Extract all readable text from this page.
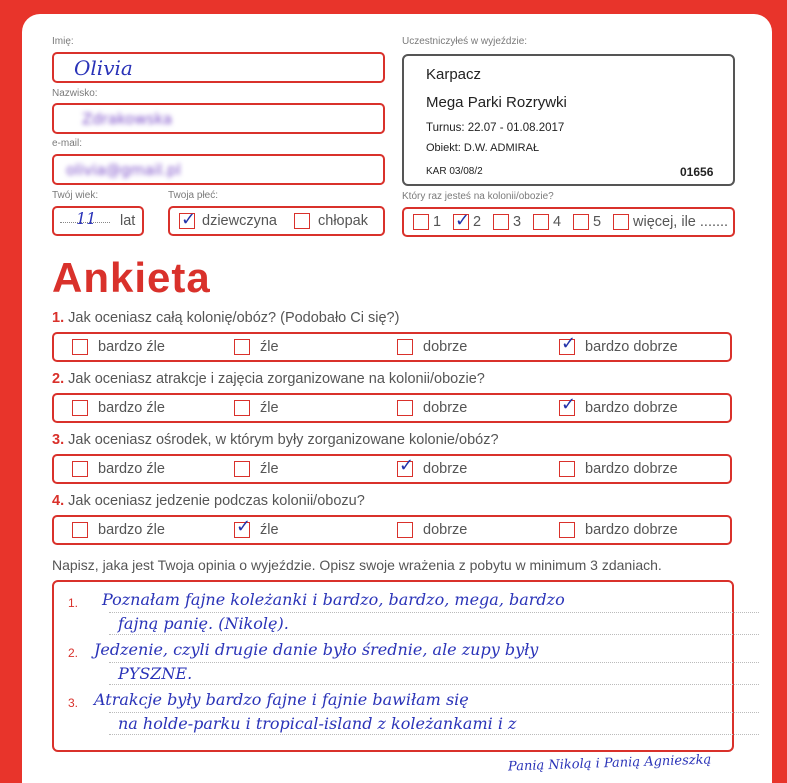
Imię:
Olivia
Nazwisko:
Zdrakowska
e-mail:
olivia@gmail.pl
Twój wiek:
11 lat
Twoja płeć:
✓ dziewczyna	chłopak
Uczestniczyłeś w wyjeździe:
Karpacz
Mega Parki Rozrywki
Turnus: 22.07 - 01.08.2017
Obiekt: D.W. ADMIRAŁ
KAR 03/08/2	01656
Który raz jesteś na kolonii/obozie?
1 ✓ 2 3 4 5 więcej, ile .......
Ankieta
1. Jak oceniasz całą kolonię/obóz? (Podobało Ci się?)
bardzo źle	źle	dobrze	✓ bardzo dobrze
2. Jak oceniasz atrakcje i zajęcia zorganizowane na kolonii/obozie?
bardzo źle	źle	dobrze	✓ bardzo dobrze
3. Jak oceniasz ośrodek, w którym były zorganizowane kolonie/obóz?
bardzo źle	źle	✓ dobrze	bardzo dobrze
4. Jak oceniasz jedzenie podczas kolonii/obozu?
bardzo źle	✓ źle	dobrze	bardzo dobrze
Napisz, jaka jest Twoja opinia o wyjeździe. Opisz swoje wrażenia z pobytu w minimum 3 zdaniach.
1.
2.
3.
Poznałam fajne koleżanki i bardzo, bardzo, mega, bardzo
fajną panię. (Nikolę).
Jedzenie, czyli drugie danie było średnie, ale zupy były
PYSZNE.
Atrakcje były bardzo fajne i fajnie bawiłam się
na holde-parku i tropical-island z koleżankami i z
Panią Nikolą i Panią Agnieszką
